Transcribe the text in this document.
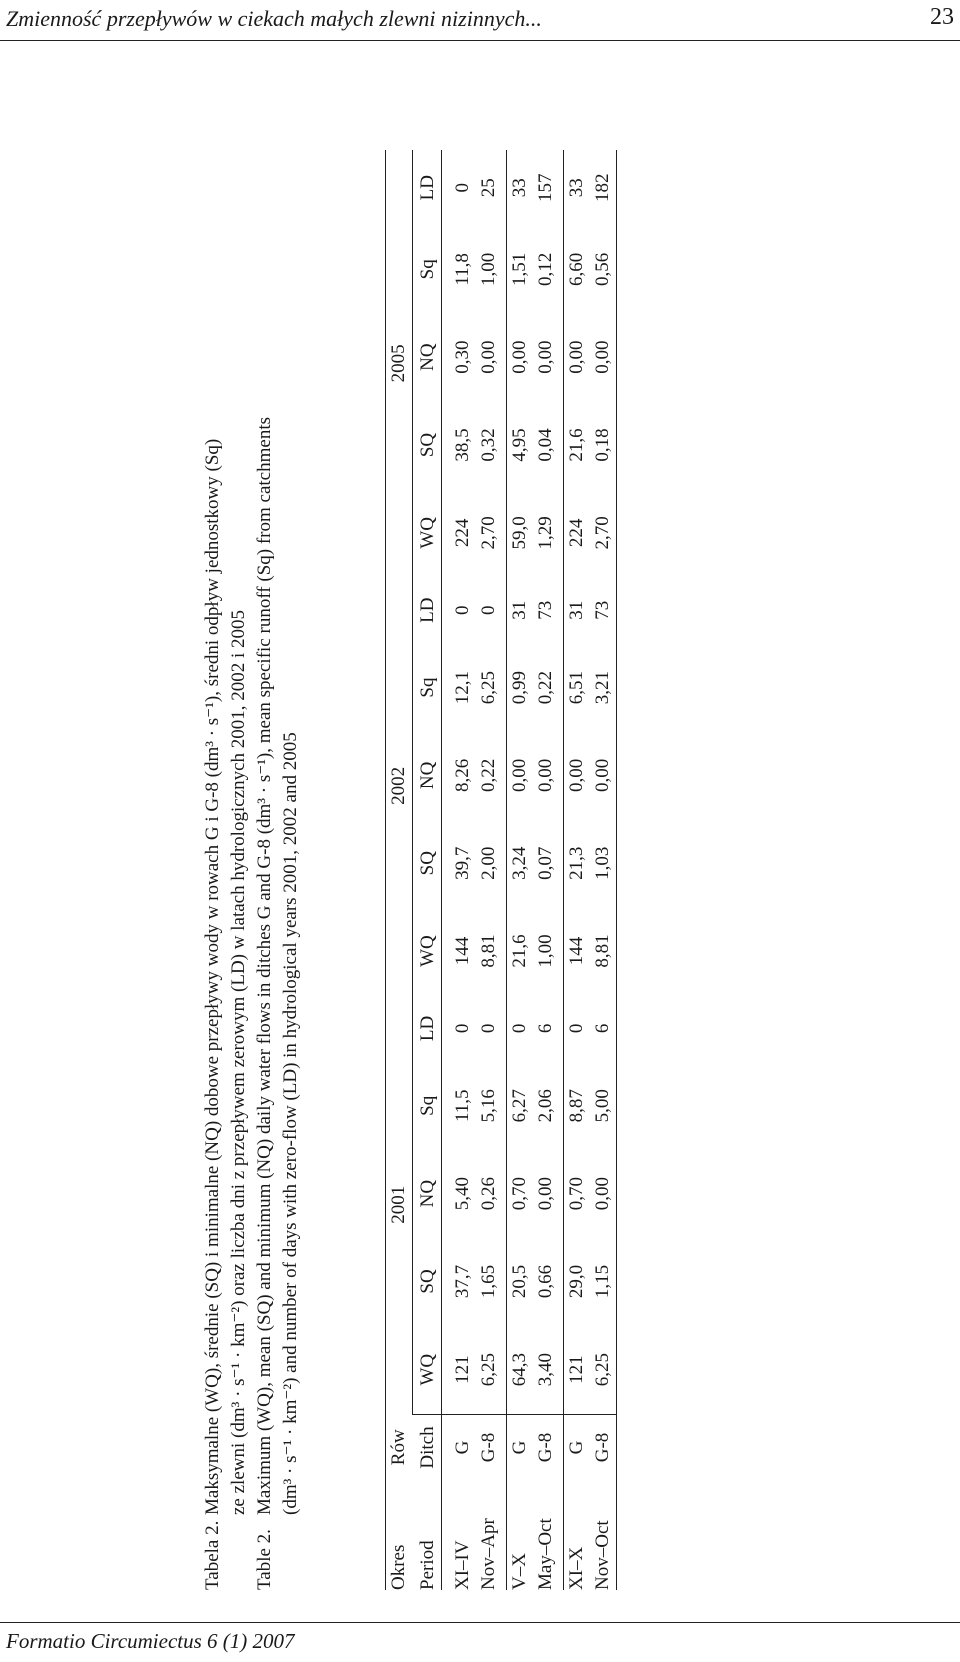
Zmienność przepływów w ciekach małych zlewni nizinnych...	23
Tabela 2.
Maksymalne (WQ), średnie (SQ) i minimalne (NQ) dobowe przepływy wody w rowach G i G-8 (dm³ · s⁻¹), średni odpływ jednostkowy (Sq) ze zlewni (dm³ · s⁻¹ · km⁻²) oraz liczba dni z przepływem zerowym (LD) w latach hydrologicznych 2001, 2002 i 2005
Table 2.
Maximum (WQ), mean (SQ) and minimum (NQ) daily water flows in ditches G and G-8 (dm³ · s⁻¹), mean specific runoff (Sq) from catchments (dm³ · s⁻¹ · km⁻²) and number of days with zero-flow (LD) in hydrological years 2001, 2002 and 2005
Okres	Rów	2001					2002					2005				
Period	Ditch	WQ	SQ	NQ	Sq	LD	WQ	SQ	NQ	Sq	LD	WQ	SQ	NQ	Sq	LD
XI–IV	G	121	37,7	5,40	11,5	0	144	39,7	8,26	12,1	0	224	38,5	0,30	11,8	0
Nov–Apr	G-8	6,25	1,65	0,26	5,16	0	8,81	2,00	0,22	6,25	0	2,70	0,32	0,00	1,00	25
V–X	G	64,3	20,5	0,70	6,27	0	21,6	3,24	0,00	0,99	31	59,0	4,95	0,00	1,51	33
May–Oct	G-8	3,40	0,66	0,00	2,06	6	1,00	0,07	0,00	0,22	73	1,29	0,04	0,00	0,12	157
XI–X	G	121	29,0	0,70	8,87	0	144	21,3	0,00	6,51	31	224	21,6	0,00	6,60	33
Nov–Oct	G-8	6,25	1,15	0,00	5,00	6	8,81	1,03	0,00	3,21	73	2,70	0,18	0,00	0,56	182
Formatio Circumiectus 6 (1) 2007
